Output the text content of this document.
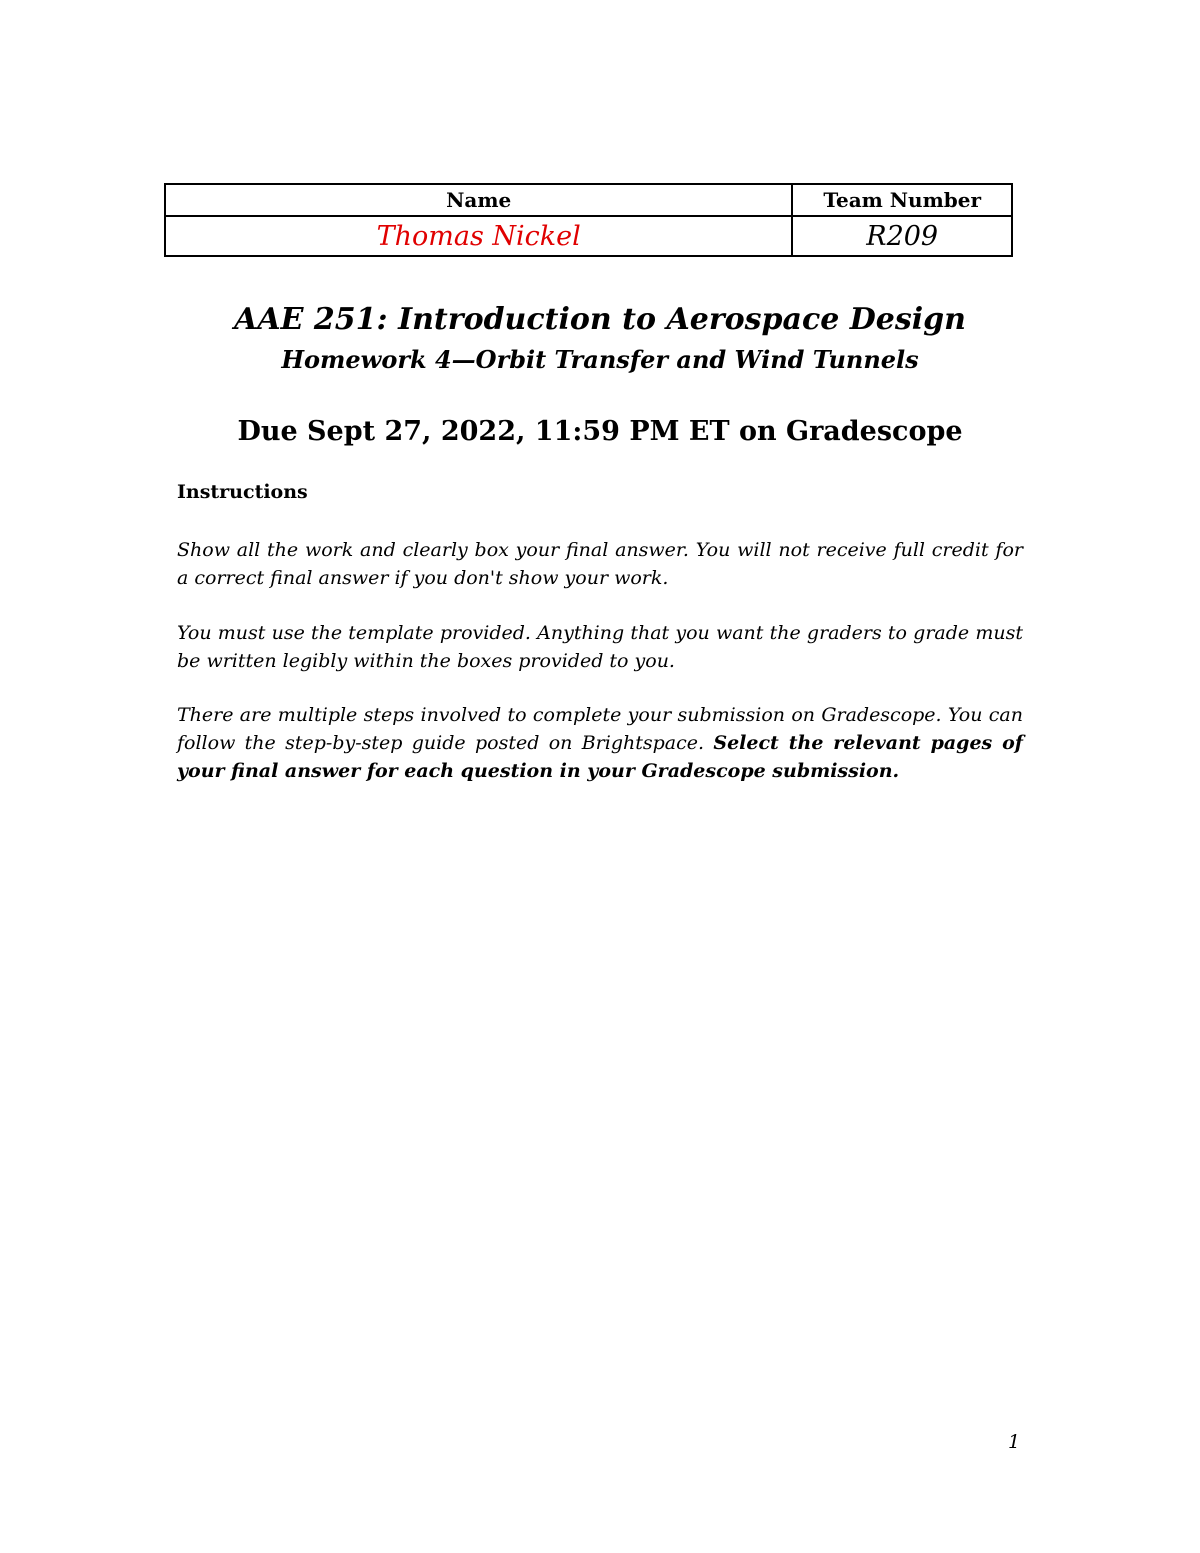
Name	Team Number
Thomas Nickel	R209
AAE 251: Introduction to Aerospace Design
Homework 4—Orbit Transfer and Wind Tunnels
Due Sept 27, 2022, 11:59 PM ET on Gradescope

Instructions

Show all the work and clearly box your final answer. You will not receive full credit for a correct final answer if you don't show your work.

You must use the template provided. Anything that you want the graders to grade must be written legibly within the boxes provided to you.

There are multiple steps involved to complete your submission on Gradescope. You can follow the step-by-step guide posted on Brightspace. Select the relevant pages of your final answer for each question in your Gradescope submission.

1
